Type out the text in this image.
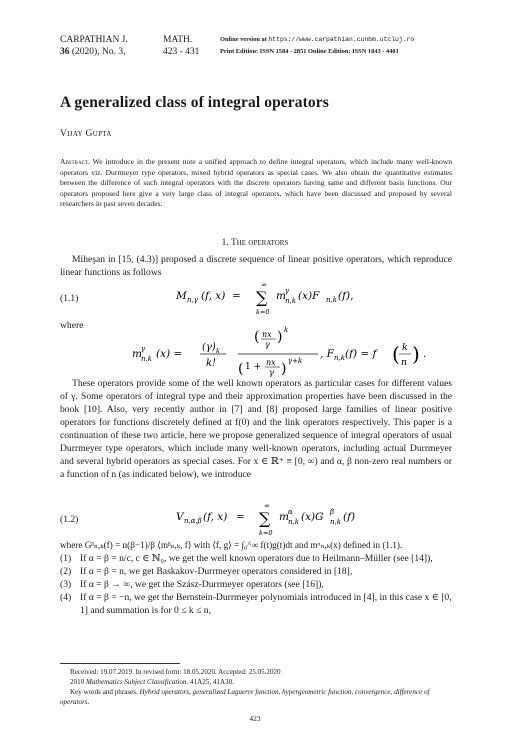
CARPATHIAN J.
36 (2020), No. 3,
MATH.
423 - 431
Online version at https://www.carpathian.cunbm.utcluj.ro
Print Edition: ISSN 1584 - 2851 Online Edition: ISSN 1843 - 4401
A generalized class of integral operators
Vijay Gupta
Abstract. We introduce in the present note a unified approach to define integral operators, which include many well-known operators viz. Durrmeyer type operators, mixed hybrid operators as special cases. We also obtain the quantitative estimates between the difference of such integral operators with the discrete operators having same and different basis functions. Our operators proposed here give a very large class of integral operators, which have been discussed and proposed by several researchers in past seven decades.
1. The operators
Miheşan in [15, (4.3)] proposed a discrete sequence of linear positive operators, which reproduce linear functions as follows
(1.1)	M n,γ (f, x) =
∞
∑
k=0
m γ
n,k (x)F n,k (f),
where
m γ
n,k (x) =
(γ) k
k!
( nx
γ ) k
( 1 + nx
γ ) γ+k
, F n,k (f) = f ( k
n ) .
These operators provide some of the well known operators as particular cases for different values of γ. Some operators of integral type and their approximation properties have been discussed in the book [10]. Also, very recently author in [7] and [8] proposed large families of linear positive operators for functions discretely defined at f(0) and the link operators respectively. This paper is a continuation of these two article, here we propose generalized sequence of integral operators of usual Durrmeyer type operators, which include many well-known operators, including actual Durrmeyer and several hybrid operators as special cases. For x ∈ ℝ⁺ ≡ [0, ∞) and α, β non-zero real numbers or a function of n (as indicated below), we introduce
(1.2)	V n,α,β (f, x) =
∞
∑
k=0
m α
n,k (x)G β
n,k (f)
where Gᵝₙ,ₖ(f) = n(β−1)/β ⟨mᵝₙ,ₖ, f⟩ with ⟨f, g⟩ = ∫₀^∞ f(t)g(t)dt and mᵅₙ,ₖ(x) defined in (1.1).
(1) If α = β = n/c, c ∈ ℕ₀, we get the well known operators due to Heilmann–Müller (see [14]),
(2) If α = β = n, we get Baskakov-Durrmeyer operators considered in [18],
(3) If α = β → ∞, we get the Szász-Durrmeyer operators (see [16]),
(4) If α = β = −n, we get the Bernstein-Durrmeyer polynomials introduced in [4], in this case x ∈ [0, 1] and summation is for 0 ≤ k ≤ n,
Received: 19.07.2019. In revised form: 18.05.2020. Accepted: 25.05.2020
2010 Mathematics Subject Classification. 41A25, 41A30.
Key words and phrases. Hybrid operators, generalized Laguerre function, hypergeometric function, convergence, difference of operators.
423
